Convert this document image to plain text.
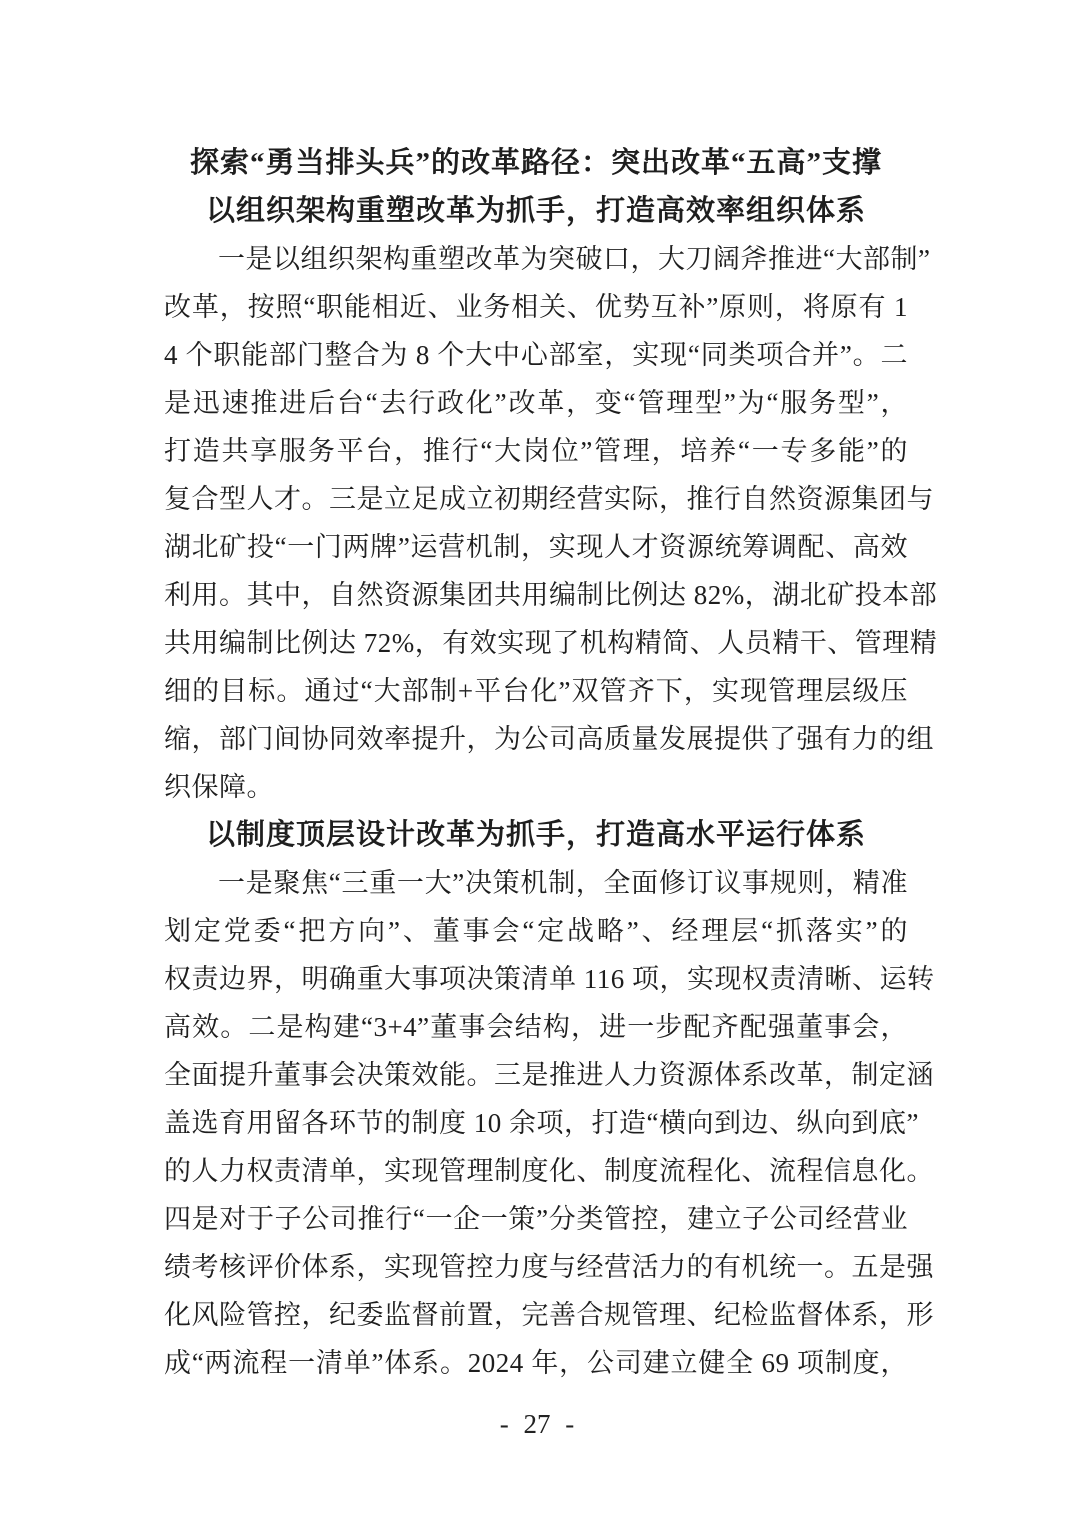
探索“勇当排头兵”的改革路径：突出改革“五高”支撑
以组织架构重塑改革为抓手，打造高效率组织体系
一是以组织架构重塑改革为突破口，大刀阔斧推进“大部制”
改革，按照“职能相近、业务相关、优势互补”原则，将原有 1
4 个职能部门整合为 8 个大中心部室，实现“同类项合并”。二
是迅速推进后台“去行政化”改革，变“管理型”为“服务型”，
打造共享服务平台，推行“大岗位”管理，培养“一专多能”的
复合型人才。三是立足成立初期经营实际，推行自然资源集团与
湖北矿投“一门两牌”运营机制，实现人才资源统筹调配、高效
利用。其中，自然资源集团共用编制比例达 82%，湖北矿投本部
共用编制比例达 72%，有效实现了机构精简、人员精干、管理精
细的目标。通过“大部制+平台化”双管齐下，实现管理层级压
缩，部门间协同效率提升，为公司高质量发展提供了强有力的组
织保障。
以制度顶层设计改革为抓手，打造高水平运行体系
一是聚焦“三重一大”决策机制，全面修订议事规则，精准
划定党委“把方向”、董事会“定战略”、经理层“抓落实”的
权责边界，明确重大事项决策清单 116 项，实现权责清晰、运转
高效。二是构建“3+4”董事会结构，进一步配齐配强董事会，
全面提升董事会决策效能。三是推进人力资源体系改革，制定涵
盖选育用留各环节的制度 10 余项，打造“横向到边、纵向到底”
的人力权责清单，实现管理制度化、制度流程化、流程信息化。
四是对于子公司推行“一企一策”分类管控，建立子公司经营业
绩考核评价体系，实现管控力度与经营活力的有机统一。五是强
化风险管控，纪委监督前置，完善合规管理、纪检监督体系，形
成“两流程一清单”体系。2024 年，公司建立健全 69 项制度，
- 27 -
